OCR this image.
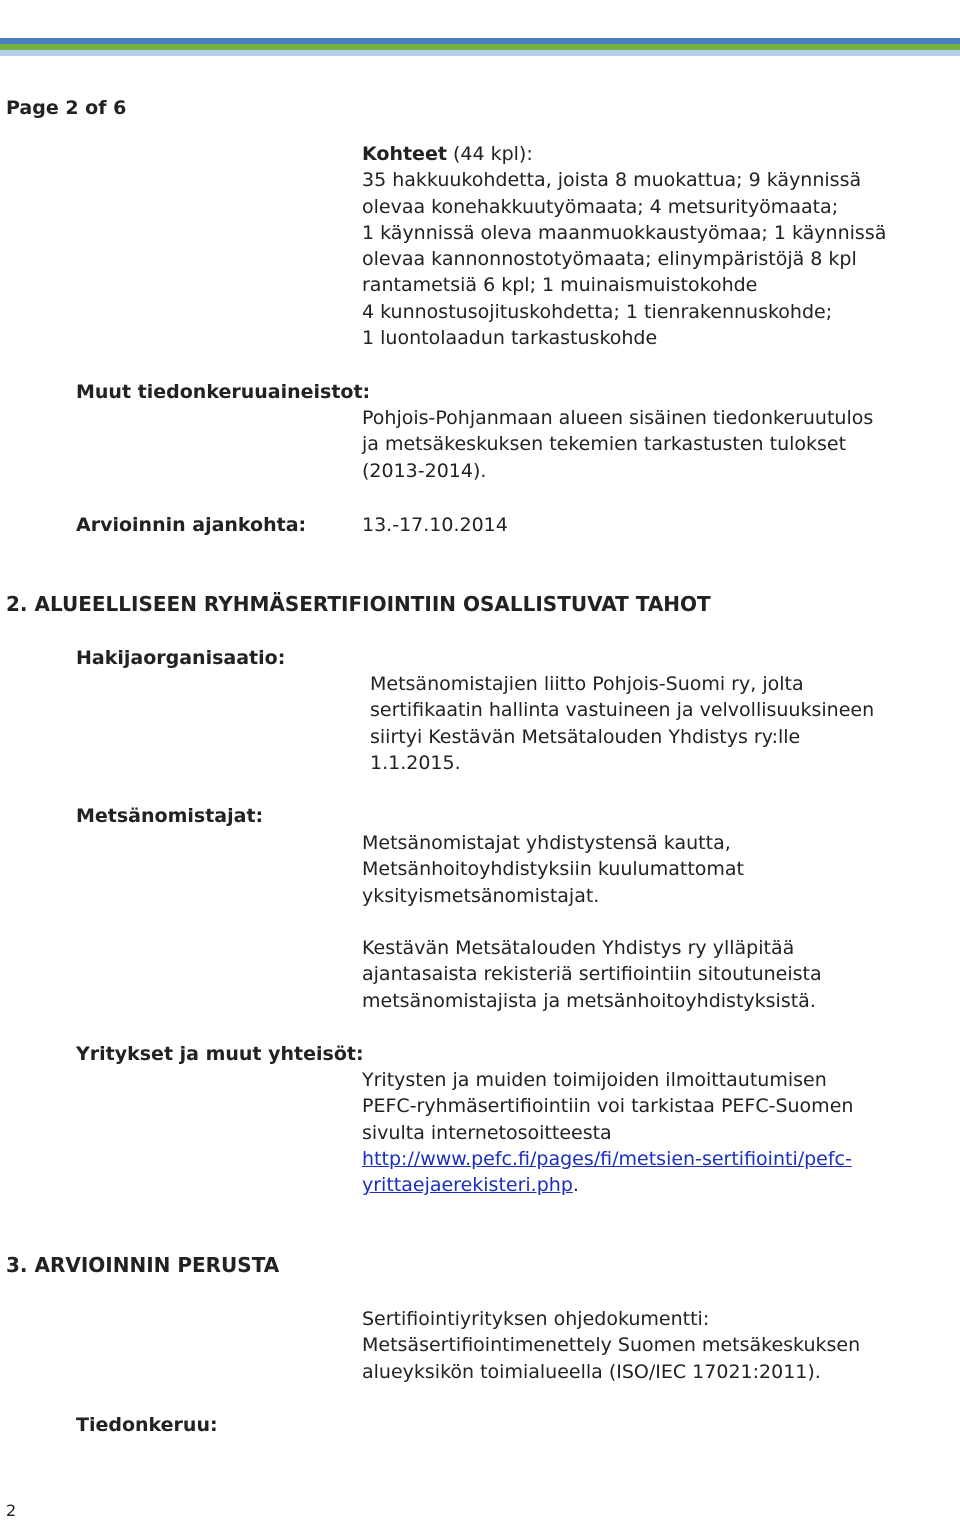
Page 2 of 6
Kohteet (44 kpl):
35 hakkuukohdetta, joista 8 muokattua; 9 käynnissä
olevaa konehakkuutyömaata; 4 metsurityömaata;
1 käynnissä oleva maanmuokkaustyömaa; 1 käynnissä
olevaa kannonnostotyömaata; elinympäristöjä 8 kpl
rantametsiä 6 kpl; 1 muinaismuistokohde
4 kunnostusojituskohdetta; 1 tienrakennuskohde;
1 luontolaadun tarkastuskohde
Muut tiedonkeruuaineistot:
Pohjois-Pohjanmaan alueen sisäinen tiedonkeruutulos
ja metsäkeskuksen tekemien tarkastusten tulokset
(2013-2014).
Arvioinnin ajankohta:	13.-17.10.2014
2. ALUEELLISEEN RYHMÄSERTIFIOINTIIN OSALLISTUVAT TAHOT
Hakijaorganisaatio:
Metsänomistajien liitto Pohjois-Suomi ry, jolta
sertifikaatin hallinta vastuineen ja velvollisuuksineen
siirtyi Kestävän Metsätalouden Yhdistys ry:lle
1.1.2015.
Metsänomistajat:
Metsänomistajat yhdistystensä kautta,
Metsänhoitoyhdistyksiin kuulumattomat
yksityismetsänomistajat.
Kestävän Metsätalouden Yhdistys ry ylläpitää
ajantasaista rekisteriä sertifiointiin sitoutuneista
metsänomistajista ja metsänhoitoyhdistyksistä.
Yritykset ja muut yhteisöt:
Yritysten ja muiden toimijoiden ilmoittautumisen
PEFC-ryhmäsertifiointiin voi tarkistaa PEFC-Suomen
sivulta internetosoitteesta
http://www.pefc.fi/pages/fi/metsien-sertifiointi/pefc-
yrittaejaerekisteri.php.
3. ARVIOINNIN PERUSTA
Sertifiointiyrityksen ohjedokumentti:
Metsäsertifiointimenettely Suomen metsäkeskuksen
alueyksikön toimialueella (ISO/IEC 17021:2011).
Tiedonkeruu:
2
